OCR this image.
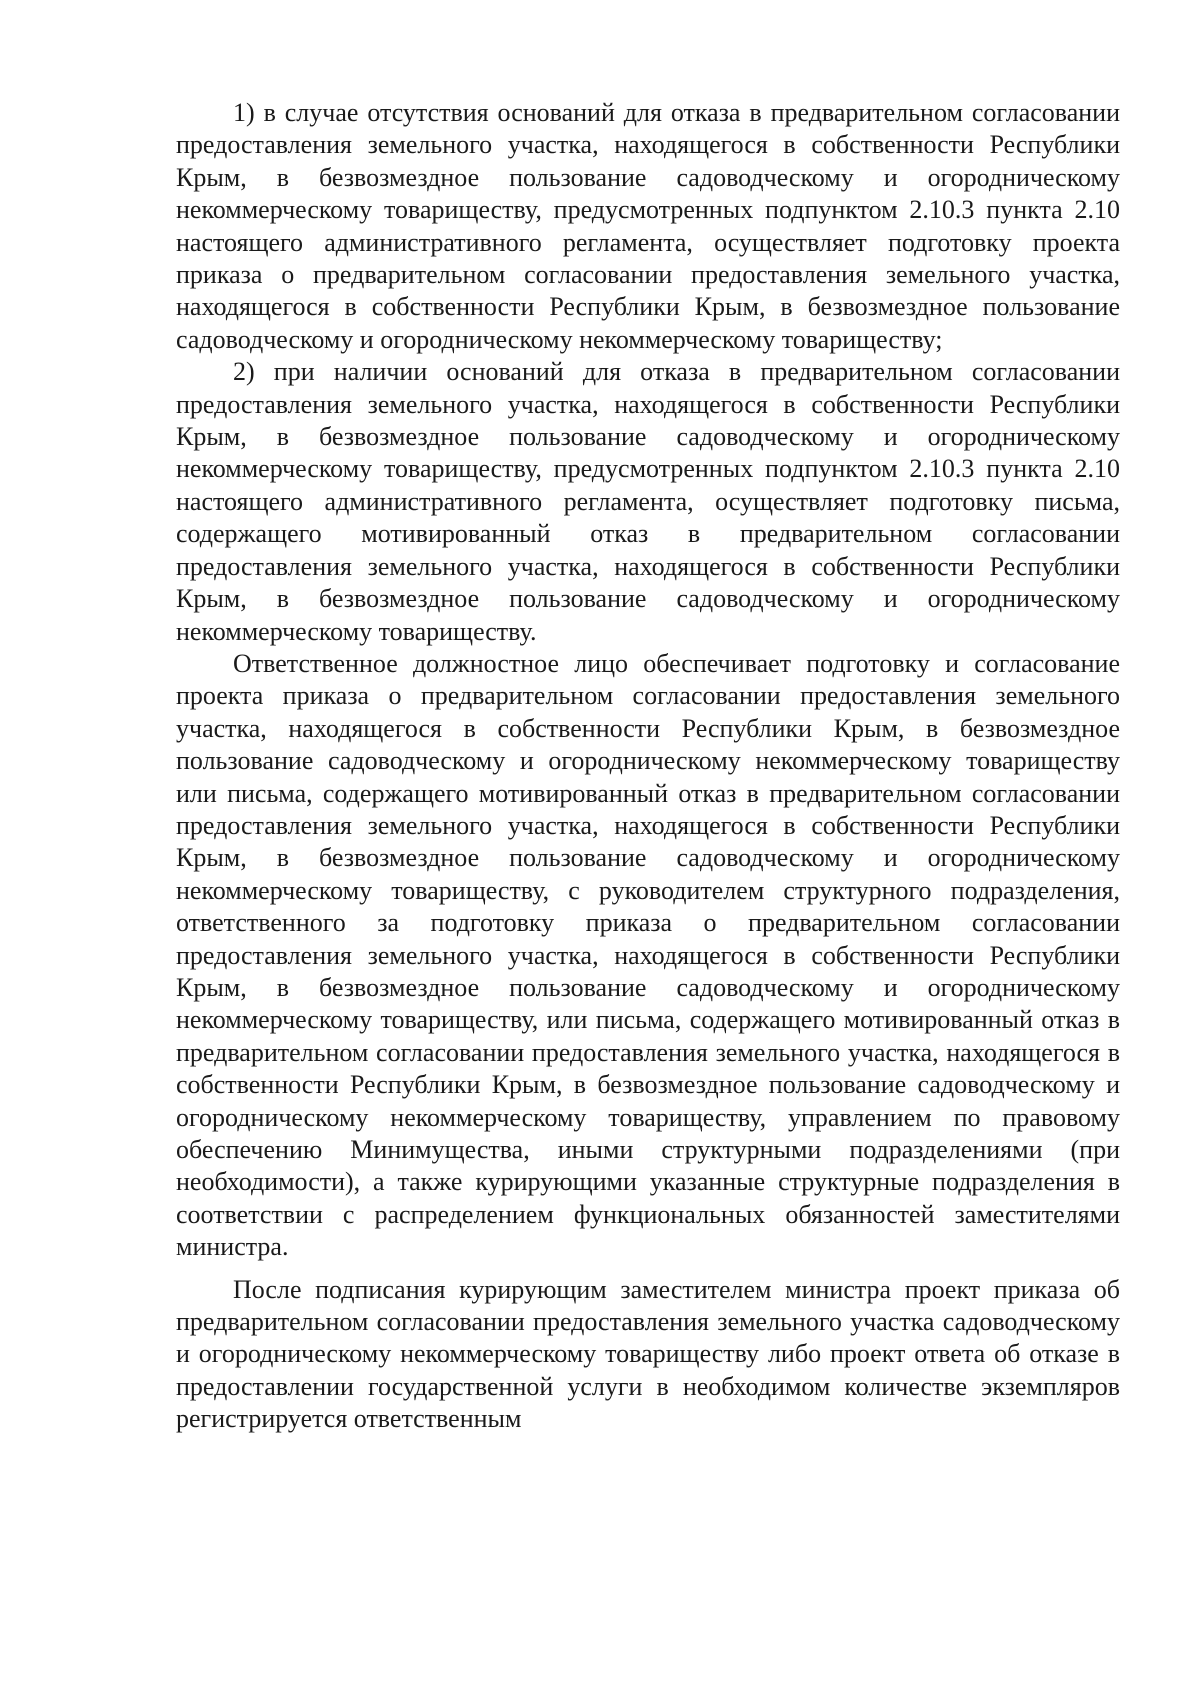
1) в случае отсутствия оснований для отказа в предварительном согласовании предоставления земельного участка, находящегося в собственности Республики Крым, в безвозмездное пользование садоводческому и огородническому некоммерческому товариществу, предусмотренных подпунктом 2.10.3 пункта 2.10 настоящего административного регламента, осуществляет подготовку проекта приказа о предварительном согласовании предоставления земельного участка, находящегося в собственности Республики Крым, в безвозмездное пользование садоводческому и огородническому некоммерческому товариществу;

2) при наличии оснований для отказа в предварительном согласовании предоставления земельного участка, находящегося в собственности Республики Крым, в безвозмездное пользование садоводческому и огородническому некоммерческому товариществу, предусмотренных подпунктом 2.10.3 пункта 2.10 настоящего административного регламента, осуществляет подготовку письма, содержащего мотивированный отказ в предварительном согласовании предоставления земельного участка, находящегося в собственности Республики Крым, в безвозмездное пользование садоводческому и огородническому некоммерческому товариществу.

Ответственное должностное лицо обеспечивает подготовку и согласование проекта приказа о предварительном согласовании предоставления земельного участка, находящегося в собственности Республики Крым, в безвозмездное пользование садоводческому и огородническому некоммерческому товариществу или письма, содержащего мотивированный отказ в предварительном согласовании предоставления земельного участка, находящегося в собственности Республики Крым, в безвозмездное пользование садоводческому и огородническому некоммерческому товариществу, с руководителем структурного подразделения, ответственного за подготовку приказа о предварительном согласовании предоставления земельного участка, находящегося в собственности Республики Крым, в безвозмездное пользование садоводческому и огородническому некоммерческому товариществу, или письма, содержащего мотивированный отказ в предварительном согласовании предоставления земельного участка, находящегося в собственности Республики Крым, в безвозмездное пользование садоводческому и огородническому некоммерческому товариществу, управлением по правовому обеспечению Минимущества, иными структурными подразделениями (при необходимости), а также курирующими указанные структурные подразделения в соответствии с распределением функциональных обязанностей заместителями министра.

После подписания курирующим заместителем министра проект приказа об предварительном согласовании предоставления земельного участка садоводческому и огородническому некоммерческому товариществу либо проект ответа об отказе в предоставлении государственной услуги в необходимом количестве экземпляров регистрируется ответственным
